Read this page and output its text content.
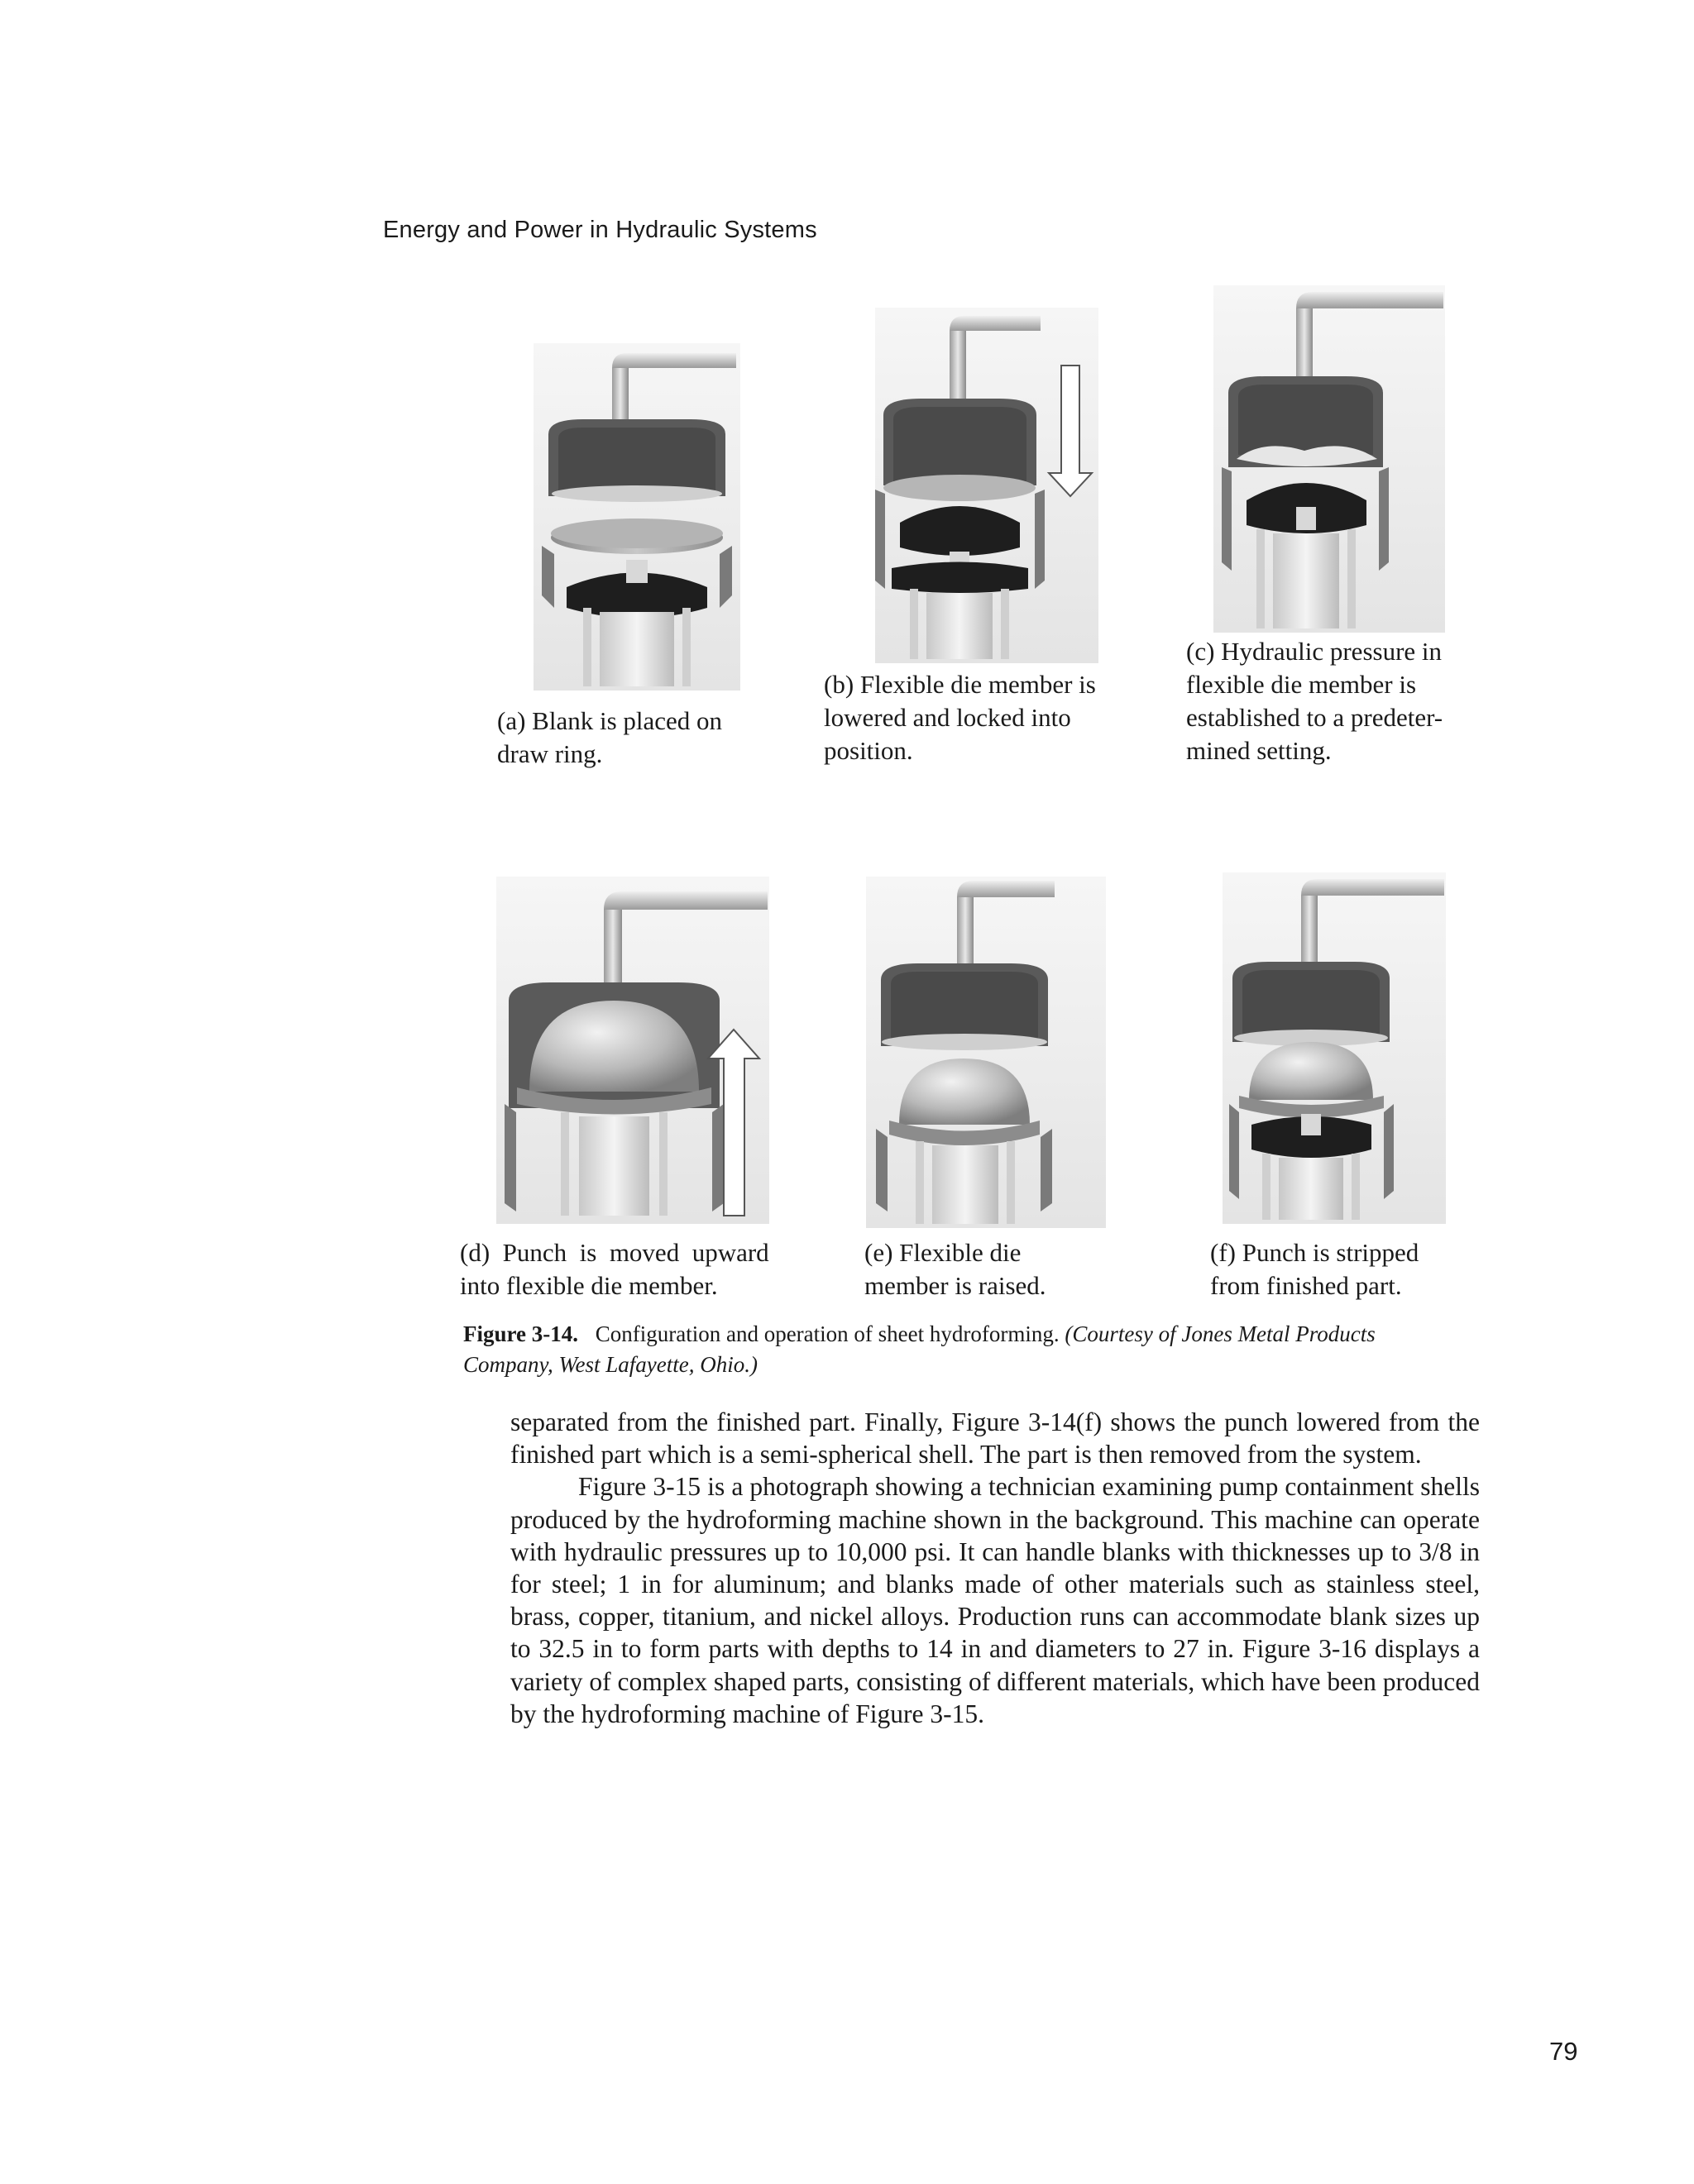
Energy and Power in Hydraulic Systems
(a) Blank is placed on
draw ring.
(b) Flexible die member is
lowered and locked into
position.
(c) Hydraulic pressure in
flexible die member is
established to a predeter-
mined setting.
(d)  Punch  is  moved  upward
into flexible die member.
(e) Flexible die
member is raised.
(f) Punch is stripped
from finished part.
Figure 3-14. Configuration and operation of sheet hydroforming. (Courtesy of Jones Metal Products Company, West Lafayette, Ohio.)

separated from the finished part. Finally, Figure 3-14(f) shows the punch lowered from the finished part which is a semi-spherical shell. The part is then removed from the system.

Figure 3-15 is a photograph showing a technician examining pump containment shells produced by the hydroforming machine shown in the background. This machine can operate with hydraulic pressures up to 10,000 psi. It can handle blanks with thicknesses up to 3/8 in for steel; 1 in for aluminum; and blanks made of other materials such as stainless steel, brass, copper, titanium, and nickel alloys. Production runs can accommodate blank sizes up to 32.5 in to form parts with depths to 14 in and diameters to 27 in. Figure 3-16 displays a variety of complex shaped parts, consisting of different materials, which have been produced by the hydroforming machine of Figure 3-15.

79
